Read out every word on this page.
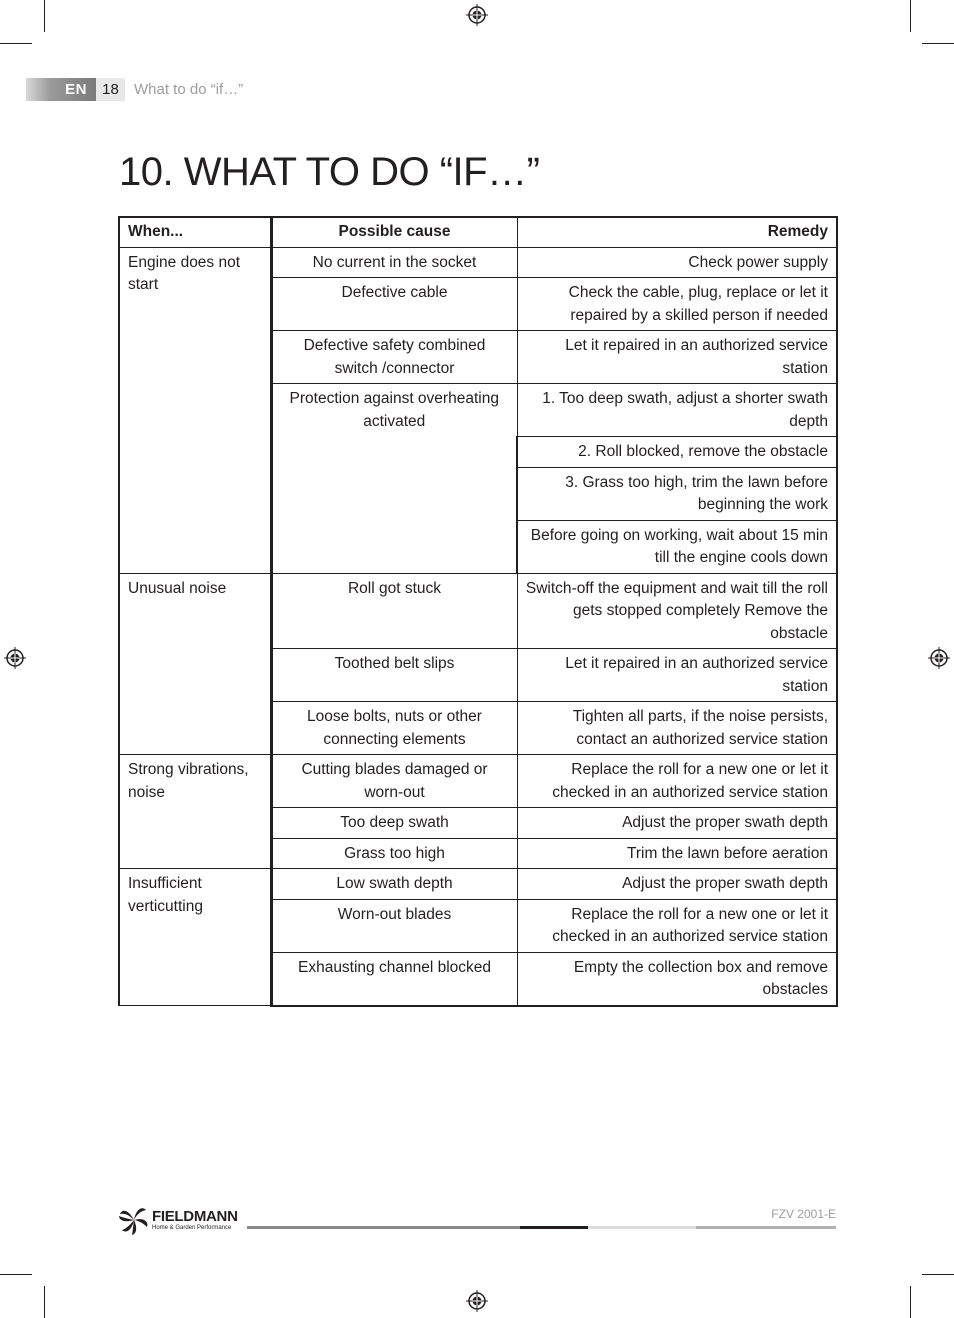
EN	18	What to do “if…”
10. WHAT TO DO “IF…”
When...	Possible cause	Remedy
Engine does not start	No current in the socket	Check power supply
	Defective cable	Check the cable, plug, replace or let it repaired by a skilled person if needed
	Defective safety combined switch /connector	Let it repaired in an authorized service station
	Protection against overheating activated	1. Too deep swath, adjust a shorter swath depth
		2. Roll blocked, remove the obstacle
		3. Grass too high, trim the lawn before beginning the work
		Before going on working, wait about 15 min till the engine cools down
Unusual noise	Roll got stuck	Switch-off the equipment and wait till the roll gets stopped completely Remove the obstacle
	Toothed belt slips	Let it repaired in an authorized service station
	Loose bolts, nuts or other connecting elements	Tighten all parts, if the noise persists, contact an authorized service station
Strong vibrations, noise	Cutting blades damaged or worn-out	Replace the roll for a new one or let it checked in an authorized service station
	Too deep swath	Adjust the proper swath depth
	Grass too high	Trim the lawn before aeration
Insufficient verticutting	Low swath depth	Adjust the proper swath depth
	Worn-out blades	Replace the roll for a new one or let it checked in an authorized service station
	Exhausting channel blocked	Empty the collection box and remove obstacles
FIELDMANN
Home & Garden Performance
FZV 2001-E
